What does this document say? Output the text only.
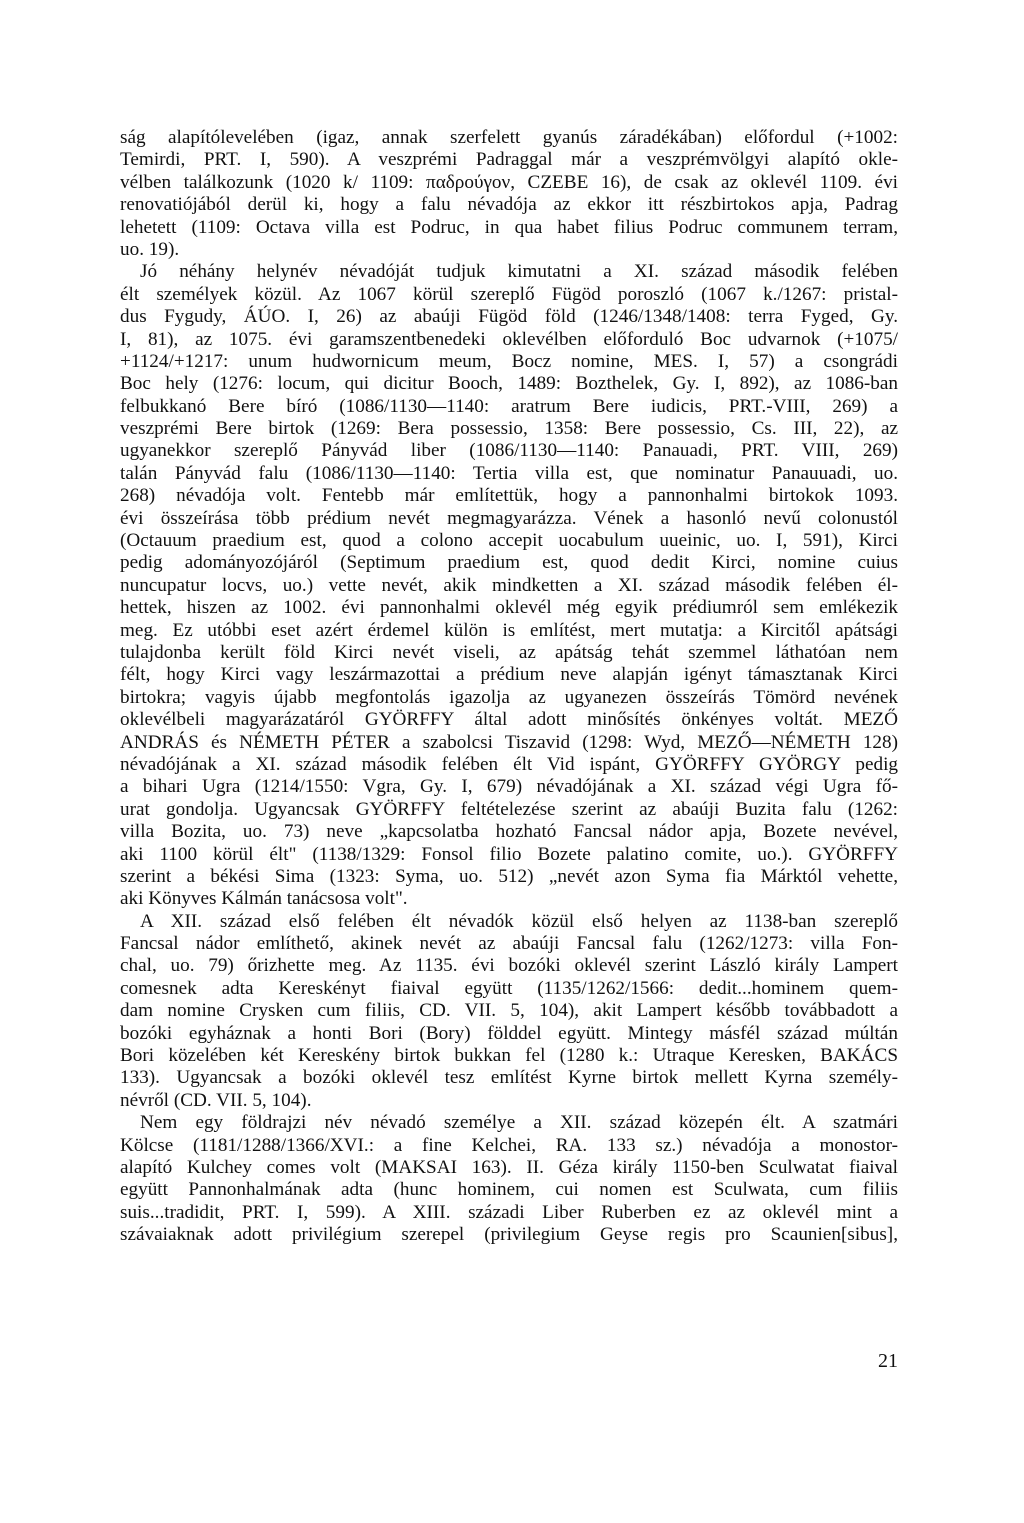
ság alapítólevelében (igaz, annak szerfelett gyanús záradékában) előfordul (+1002:
Temirdi, PRT. I, 590). A veszprémi Padraggal már a veszprémvölgyi alapító okle-
vélben találkozunk (1020 k/ 1109: παδρούγον, CZEBE 16), de csak az oklevél 1109. évi
renovatiójából derül ki, hogy a falu névadója az ekkor itt részbirtokos apja, Padrag
lehetett (1109: Octava villa est Podruc, in qua habet filius Podruc communem terram,
uo. 19).
Jó néhány helynév névadóját tudjuk kimutatni a XI. század második felében
élt személyek közül. Az 1067 körül szereplő Fügöd poroszló (1067 k./1267: pristal-
dus Fygudy, ÁÚO. I, 26) az abaúji Fügöd föld (1246/1348/1408: terra Fyged, Gy.
I, 81), az 1075. évi garamszentbenedeki oklevélben előforduló Boc udvarnok (+1075/
+1124/+1217: unum hudwornicum meum, Bocz nomine, MES. I, 57) a csongrádi
Boc hely (1276: locum, qui dicitur Booch, 1489: Bozthelek, Gy. I, 892), az 1086-ban
felbukkanó Bere bíró (1086/1130—1140: aratrum Bere iudicis, PRT.-VIII, 269) a
veszprémi Bere birtok (1269: Bera possessio, 1358: Bere possessio, Cs. III, 22), az
ugyanekkor szereplő Pányvád liber (1086/1130—1140: Panauadi, PRT. VIII, 269)
talán Pányvád falu (1086/1130—1140: Tertia villa est, que nominatur Panauuadi, uo.
268) névadója volt. Fentebb már említettük, hogy a pannonhalmi birtokok 1093.
évi összeírása több prédium nevét megmagyarázza. Vének a hasonló nevű colonustól
(Octauum praedium est, quod a colono accepit uocabulum uueinic, uo. I, 591), Kirci
pedig adományozójáról (Septimum praedium est, quod dedit Kirci, nomine cuius
nuncupatur locvs, uo.) vette nevét, akik mindketten a XI. század második felében él-
hettek, hiszen az 1002. évi pannonhalmi oklevél még egyik prédiumról sem emlékezik
meg. Ez utóbbi eset azért érdemel külön is említést, mert mutatja: a Kircitől apátsági
tulajdonba került föld Kirci nevét viseli, az apátság tehát szemmel láthatóan nem
félt, hogy Kirci vagy leszármazottai a prédium neve alapján igényt támasztanak Kirci
birtokra; vagyis újabb megfontolás igazolja az ugyanezen összeírás Tömörd nevének
oklevélbeli magyarázatáról GYÖRFFY által adott minősítés önkényes voltát. MEZŐ
ANDRÁS és NÉMETH PÉTER a szabolcsi Tiszavid (1298: Wyd, MEZŐ—NÉMETH 128)
névadójának a XI. század második felében élt Vid ispánt, GYÖRFFY GYÖRGY pedig
a bihari Ugra (1214/1550: Vgra, Gy. I, 679) névadójának a XI. század végi Ugra fő-
urat gondolja. Ugyancsak GYÖRFFY feltételezése szerint az abaúji Buzita falu (1262:
villa Bozita, uo. 73) neve „kapcsolatba hozható Fancsal nádor apja, Bozete nevével,
aki 1100 körül élt" (1138/1329: Fonsol filio Bozete palatino comite, uo.). GYÖRFFY
szerint a békési Sima (1323: Syma, uo. 512) „nevét azon Syma fia Márktól vehette,
aki Könyves Kálmán tanácsosa volt".
A XII. század első felében élt névadók közül első helyen az 1138-ban szereplő
Fancsal nádor említhető, akinek nevét az abaúji Fancsal falu (1262/1273: villa Fon-
chal, uo. 79) őrizhette meg. Az 1135. évi bozóki oklevél szerint László király Lampert
comesnek adta Kereskényt fiaival együtt (1135/1262/1566: dedit...hominem quem-
dam nomine Crysken cum filiis, CD. VII. 5, 104), akit Lampert később továbbadott a
bozóki egyháznak a honti Bori (Bory) földdel együtt. Mintegy másfél század múltán
Bori közelében két Kereskény birtok bukkan fel (1280 k.: Utraque Keresken, BAKÁCS
133). Ugyancsak a bozóki oklevél tesz említést Kyrne birtok mellett Kyrna személy-
névről (CD. VII. 5, 104).
Nem egy földrajzi név névadó személye a XII. század közepén élt. A szatmári
Kölcse (1181/1288/1366/XVI.: a fine Kelchei, RA. 133 sz.) névadója a monostor-
alapító Kulchey comes volt (MAKSAI 163). II. Géza király 1150-ben Sculwatat fiaival
együtt Pannonhalmának adta (hunc hominem, cui nomen est Sculwata, cum filiis
suis...tradidit, PRT. I, 599). A XIII. századi Liber Ruberben ez az oklevél mint a
szávaiaknak adott privilégium szerepel (privilegium Geyse regis pro Scaunien[sibus],
21
